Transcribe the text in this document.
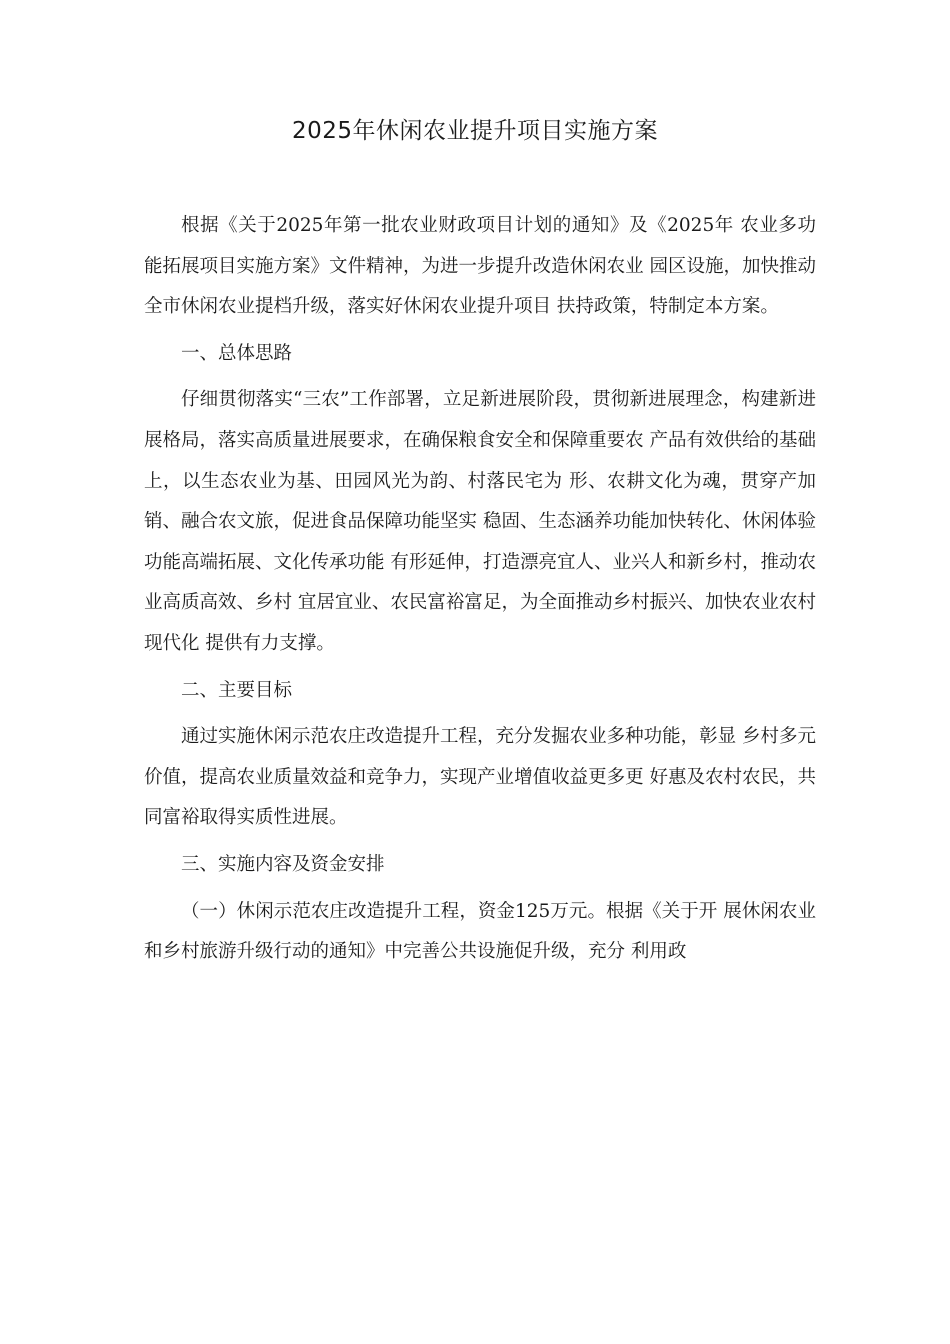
2025年休闲农业提升项目实施方案

根据《关于2025年第一批农业财政项目计划的通知》及《2025年 农业多功能拓展项目实施方案》文件精神，为进一步提升改造休闲农业 园区设施，加快推动全市休闲农业提档升级，落实好休闲农业提升项目 扶持政策，特制定本方案。

一、总体思路

仔细贯彻落实“三农”工作部署，立足新进展阶段，贯彻新进展理念，构建新进展格局，落实高质量进展要求，在确保粮食安全和保障重要农 产品有效供给的基础上，以生态农业为基、田园风光为韵、村落民宅为 形、农耕文化为魂，贯穿产加销、融合农文旅，促进食品保障功能坚实 稳固、生态涵养功能加快转化、休闲体验功能高端拓展、文化传承功能 有形延伸，打造漂亮宜人、业兴人和新乡村，推动农业高质高效、乡村 宜居宜业、农民富裕富足，为全面推动乡村振兴、加快农业农村现代化 提供有力支撑。

二、主要目标

通过实施休闲示范农庄改造提升工程，充分发掘农业多种功能，彰显 乡村多元价值，提高农业质量效益和竞争力，实现产业增值收益更多更 好惠及农村农民，共同富裕取得实质性进展。

三、实施内容及资金安排

（一）休闲示范农庄改造提升工程，资金125万元。根据《关于开 展休闲农业和乡村旅游升级行动的通知》中完善公共设施促升级，充分 利用政
